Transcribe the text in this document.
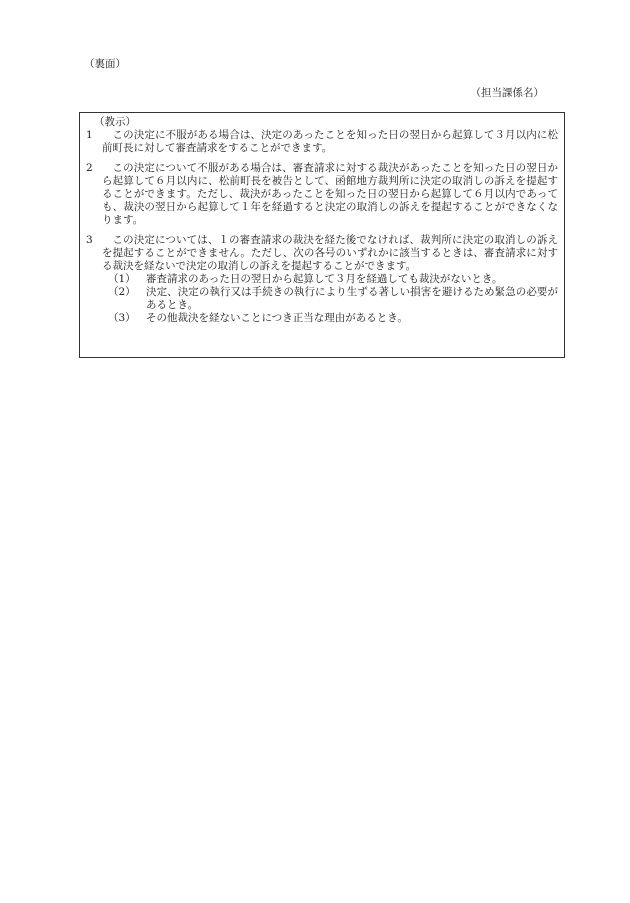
（裏面）
（担当課係名）
（教示）
1	この決定に不服がある場合は、決定のあったことを知った日の翌日から起算して３月以内に松前町長に対して審査請求をすることができます。
2	この決定について不服がある場合は、審査請求に対する裁決があったことを知った日の翌日から起算して６月以内に、松前町長を被告として、函館地方裁判所に決定の取消しの訴えを提起することができます。ただし、裁決があったことを知った日の翌日から起算して６月以内であっても、裁決の翌日から起算して１年を経過すると決定の取消しの訴えを提起することができなくなります。
3	この決定については、１の審査請求の裁決を経た後でなければ、裁判所に決定の取消しの訴えを提起することができません。ただし、次の各号のいずれかに該当するときは、審査請求に対する裁決を経ないで決定の取消しの訴えを提起することができます。
（1） 審査請求のあった日の翌日から起算して３月を経過しても裁決がないとき。
（2） 決定、決定の執行又は手続きの執行により生ずる著しい損害を避けるため緊急の必要があるとき。
（3） その他裁決を経ないことにつき正当な理由があるとき。
